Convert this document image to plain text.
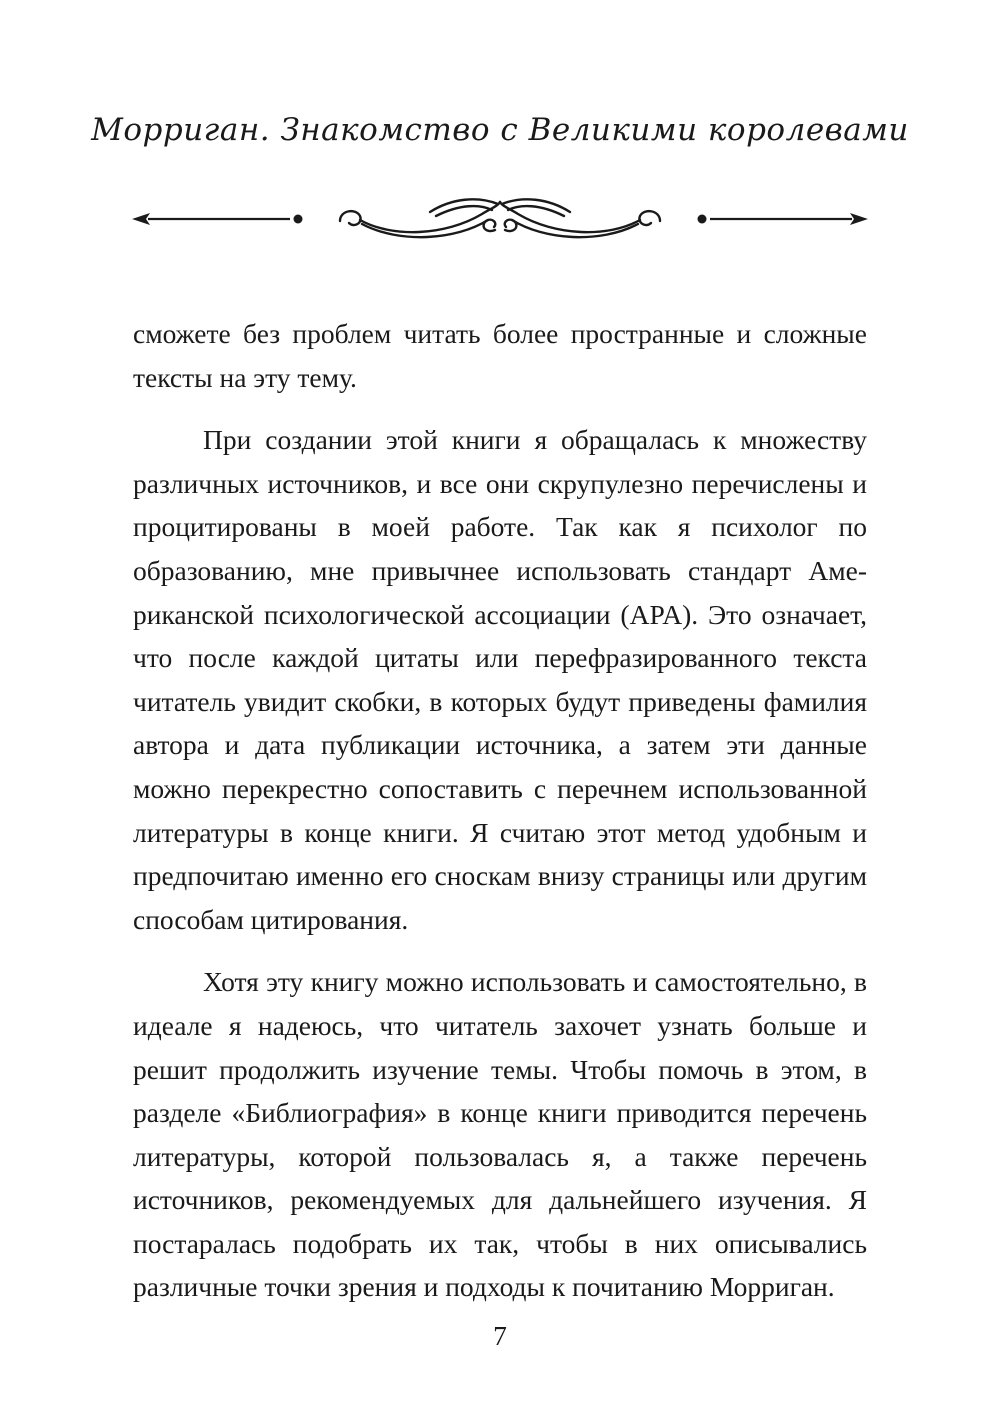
Морриган. Знакомство с Великими королевами

сможете без проблем читать более пространные и сложные тексты на эту тему.

При создании этой книги я обращалась к множеству различных источников, и все они скрупулезно перечислены и процитированы в моей работе. Так как я психолог по образованию, мне привычнее использовать стандарт Американской психологической ассоциации (APA). Это означает, что после каждой цитаты или перефразированного текста читатель увидит скобки, в которых будут приведены фамилия автора и дата публикации источника, а затем эти данные можно перекрестно сопоставить с перечнем использованной литературы в конце книги. Я считаю этот метод удобным и предпочитаю именно его сноскам внизу страницы или другим способам цитирования.

Хотя эту книгу можно использовать и самостоятельно, в идеале я надеюсь, что читатель захочет узнать больше и решит продолжить изучение темы. Чтобы помочь в этом, в разделе «Библиография» в конце книги приводится перечень литературы, которой пользовалась я, а также перечень источников, рекомендуемых для дальнейшего изучения. Я постаралась подобрать их так, чтобы в них описывались различные точки зрения и подходы к почитанию Морриган.

7
